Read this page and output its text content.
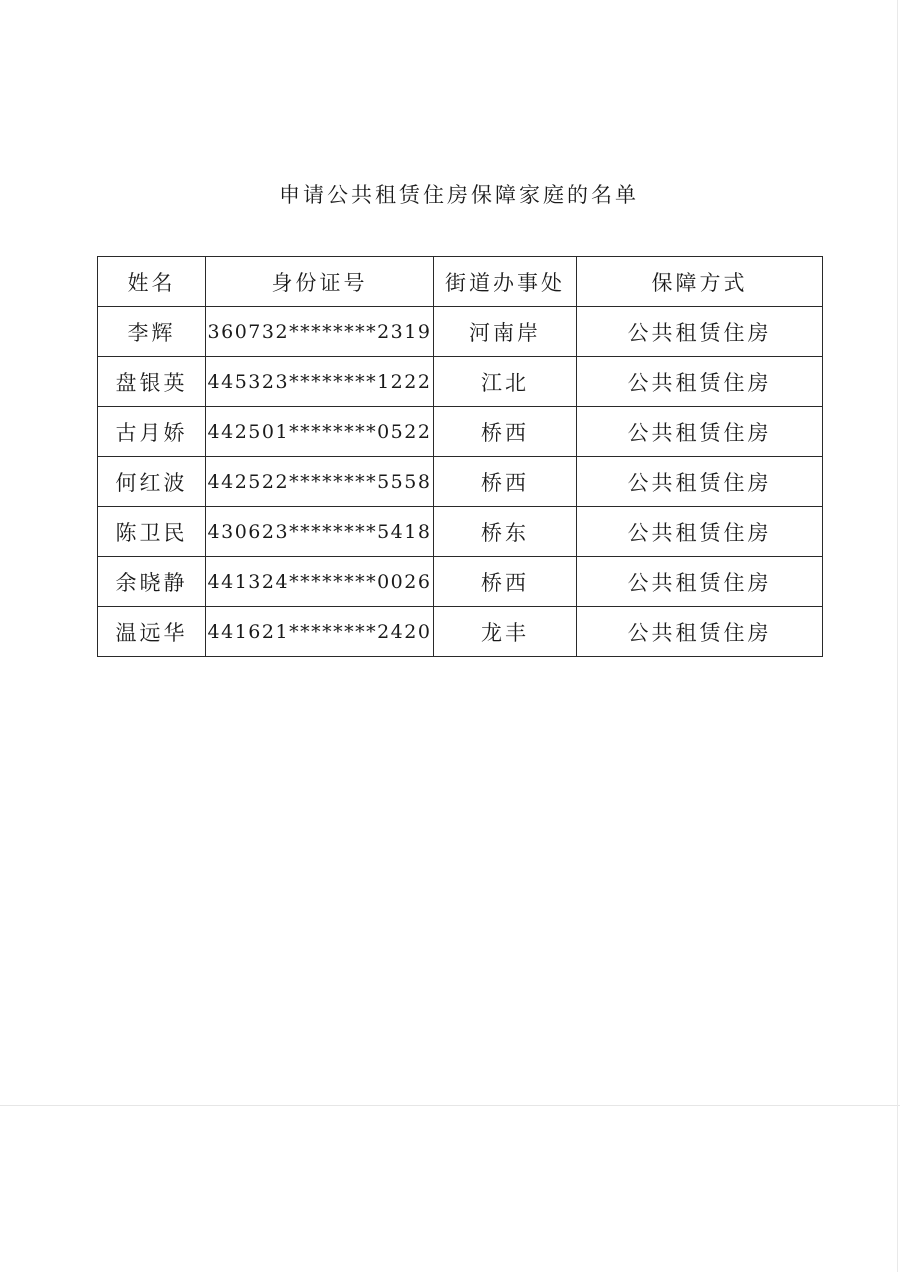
申请公共租赁住房保障家庭的名单
姓名	身份证号	街道办事处	保障方式
李辉	360732********2319	河南岸	公共租赁住房
盘银英	445323********1222	江北	公共租赁住房
古月娇	442501********0522	桥西	公共租赁住房
何红波	442522********5558	桥西	公共租赁住房
陈卫民	430623********5418	桥东	公共租赁住房
余晓静	441324********0026	桥西	公共租赁住房
温远华	441621********2420	龙丰	公共租赁住房
